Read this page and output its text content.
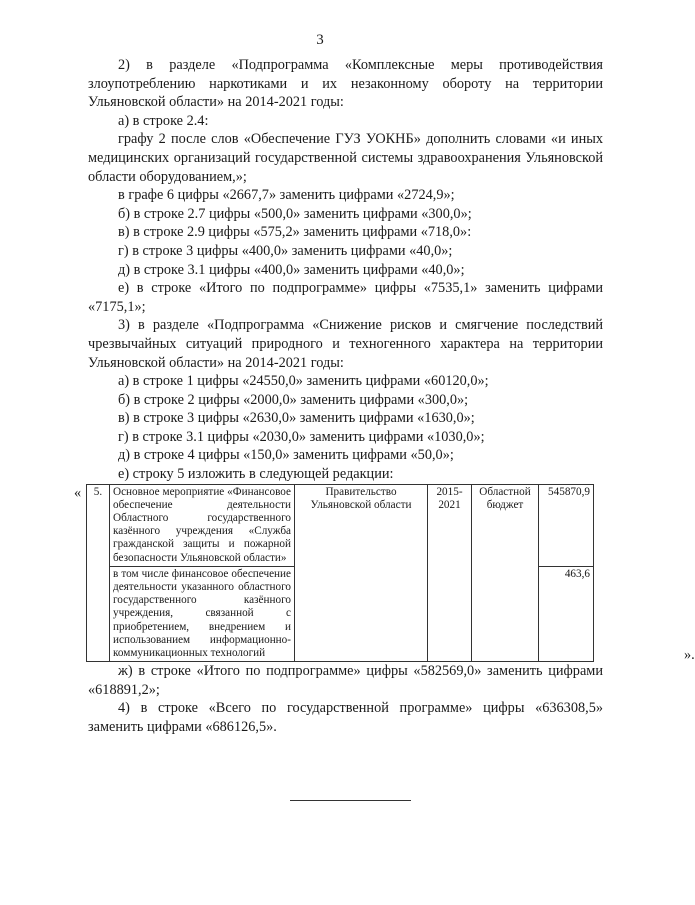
3
2) в разделе «Подпрограмма «Комплексные меры противодействия злоупотреблению наркотиками и их незаконному обороту на территории Ульяновской области» на 2014-2021 годы:
а) в строке 2.4:
графу 2 после слов «Обеспечение ГУЗ УОКНБ» дополнить словами «и иных медицинских организаций государственной системы здравоохранения Ульяновской области оборудованием,»;
в графе 6 цифры «2667,7» заменить цифрами «2724,9»;
б) в строке 2.7 цифры «500,0» заменить цифрами «300,0»;
в) в строке 2.9 цифры «575,2» заменить цифрами «718,0»:
г) в строке 3 цифры «400,0» заменить цифрами «40,0»;
д) в строке 3.1 цифры «400,0» заменить цифрами «40,0»;
е) в строке «Итого по подпрограмме» цифры «7535,1» заменить цифрами «7175,1»;
3) в разделе «Подпрограмма «Снижение рисков и смягчение последствий чрезвычайных ситуаций природного и техногенного характера на территории Ульяновской области» на 2014-2021 годы:
а) в строке 1 цифры «24550,0» заменить цифрами «60120,0»;
б) в строке 2 цифры «2000,0» заменить цифрами «300,0»;
в) в строке 3 цифры «2630,0» заменить цифрами «1630,0»;
г) в строке 3.1 цифры «2030,0» заменить цифрами «1030,0»;
д) в строке 4 цифры «150,0» заменить цифрами «50,0»;
е) строку 5 изложить в следующей редакции:
« 5.	Основное мероприятие «Финансовое обеспечение деятельности Областного государственного казённого учреждения «Служба гражданской защиты и пожарной безопасности Ульяновской области»	Правительство Ульяновской области	2015-2021	Областной бюджет	545870,9
	в том числе финансовое обеспечение деятельности указанного областного государственного казённого учреждения, связанной с приобретением, внедрением и использованием информационно-коммуникационных технологий				463,6
».
ж) в строке «Итого по подпрограмме» цифры «582569,0» заменить цифрами «618891,2»;
4) в строке «Всего по государственной программе» цифры «636308,5» заменить цифрами «686126,5».
